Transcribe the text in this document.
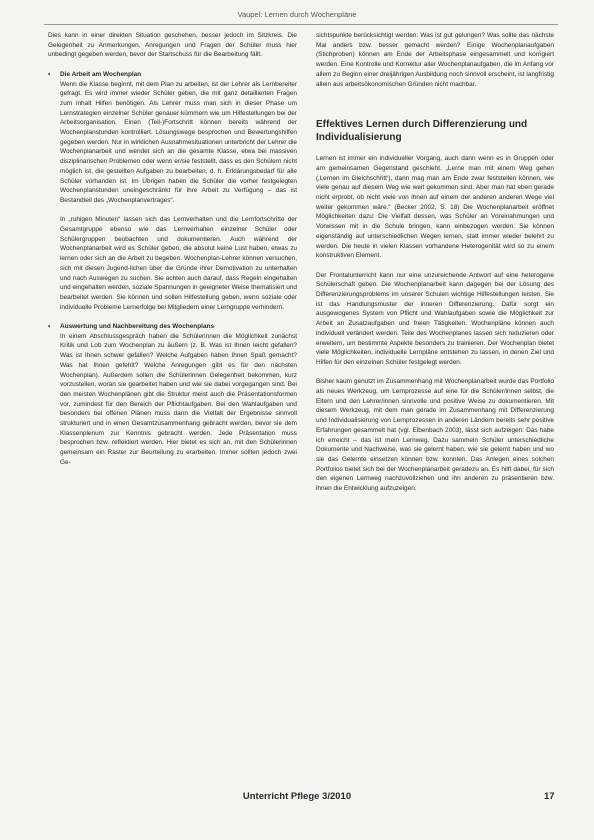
Vaupel: Lernen durch Wochenpläne

Dies kann in einer direkten Situation geschehen, besser jedoch im Sitzkreis. Die Gelegenheit zu Anmerkungen, Anregungen und Fragen der Schüler muss hier unbedingt gegeben werden, bevor der Startschuss für die Bearbeitung fällt.

• Die Arbeit am Wochenplan
Wenn die Klasse beginnt, mit dem Plan zu arbeiten, ist der Lehrer als Lernbereiter gefragt. Es wird immer wieder Schüler geben, die mit ganz detaillierten Fragen zum inhalt Hilfen benötigen. Als Lehrer muss man sich in dieser Phase um Lernstrategien einzelner Schüler genauer kümmern wie um Hilfestellungen bei der Arbeitsorganisation. Einen (Teil-)Fortschritt können bereits während der Wochenplanstunden kontrolliert. Lösungswege besprochen und Bewertungshilfen gegeben werden. Nur in wirklichen Ausnahmesituationen unterbricht der Lehrer die Wochenplanarbeit und wendet sich an die gesamte Klasse, etwa bei massiven disziplinarischen Problemen oder wenn er/sie feststellt, dass es den Schülern nicht möglich ist, die gestellten Aufgaben zu bearbeiten, d. h. Erklärungsbedarf für alle Schüler vorhanden ist. Im Übrigen haben die Schüler die vorher festgelegten Wochenplanstunden uneingeschränkt für ihre Arbeit zu Verfügung – das ist Bestandteil des „Wochenplanvertrages“.
In „ruhigen Minuten“ lassen sich das Lernverhalten und die Lernfortschritte der Gesamtgruppe ebenso wie das Lernverhalten einzelner Schüler oder Schülergruppen beobachten und dokumentieren. Auch während der Wochenplanarbeit wird es Schüler geben, die absolut keine Lust haben, etwas zu lernen oder sich an die Arbeit zu begeben. Wochenplan-Lehrer können versuchen, sich mit diesen Jugend-lichen über die Gründe ihrer Demotivation zu unterhalten und nach Auswegen zu suchen. Sie achten auch darauf, dass Regeln eingehalten und eingehalten werden, soziale Spannungen in geeigneter Weise thematisiert und bearbeitet werden. Sie können und sollen Hilfestellung geben, wenn soziale oder individuelle Probleme Lernerfolge bei Mitgliedern einer Lerngruppe verhindern.
• Auswertung und Nachbereitung des Wochenplans
In einem Abschlussgespräch haben die Schülerinnen die Möglichkeit zunächst Kritik und Lob zum Wochenplan zu äußern (z. B. Was ist Ihnen leicht gefallen? Was ist Ihnen schwer gefallen? Welche Aufgaben haben Ihnen Spaß gemacht? Was hat Ihnen gefehlt? Welche Anregungen gibt es für den nächsten Wochenplan). Außerdem sollen die Schülerinnen Gelegenheit bekommen, kurz vorzustellen, woran sie gearbeitet haben und wie sie dabei vorgegangen sind. Bei den meisten Wochenplänen gibt die Struktur meist auch die Präsentationsformen vor, zumindest für den Bereich der Pflichtaufgaben. Bei den Wahlaufgaben und besonders bei offenen Plänen muss dann die Vielfalt der Ergebnisse sinnvoll strukturiert und in einen Gesamtzusammenhang gebracht werden, bevor sie dem Klassenplenum zur Kenntnis gebracht werden. Jede Präsentation muss besprochen bzw. reflektiert werden. Hier bietet es sich an, mit den Schülerinnen gemeinsam ein Raster zur Beurteilung zu erarbeiten. Immer sollten jedoch zwei Ge-

sichtspunkte berücksichtigt werden: Was ist gut gelungen? Was sollte das nächste Mal anders bzw. besser gemacht werden? Einige Wochenplanaufgaben (Stichproben) können am Ende der Arbeitsphase eingesammelt und korrigiert werden. Eine Kontrolle und Korrektur aller Wochenplanaufgaben, die im Anfang vor allem zu Beginn einer dreijährigen Ausbildung noch sinnvoll erscheint, ist langfristig allein aus arbeitsökonomischen Gründen nicht machbar.

Effektives Lernen durch Differenzierung und Individualisierung

Lernen ist immer ein individueller Vorgang, auch dann wenn es in Gruppen oder am gemeinsamen Gegenstand geschieht. „Lerne man mit einem Weg gehen (‚Lernen im Gleichschritt‘), dann mag man am Ende zwar feststellen können, wie viele genau auf diesem Weg wie weit gekommen sind. Aber man hat eben gerade nicht erprobt, ob nicht viele von ihnen auf einem der anderen anderen Wege viel weiter gekommen wäre.“ (Becker 2002, S. 18) Die Wochenplanarbeit eröffnet Möglichkeiten dazu: Die Vielfalt dessen, was Schüler an Voreinahmungen und Vorwissen mit in die Schule bringen, kann einbezogen werden. Sie können eigenständig auf unterschiedlichen Wegen lernen, statt immer wieder belehrt zu werden. Die heute in vielen Klassen vorhandene Heterogenität wird so zu einem konstruktiven Element.

Der Frontalunterricht kann nur eine unzureichende Antwort auf eine heterogene Schülerschaft geben. Die Wochenplanarbeit kann dagegen bei der Lösung des Differenzierungsproblems im unserer Schulen wichtige Hilfestellungen leisten. Sie ist das Handlungsmuster der inneren Differenzierung. Dafür sorgt ein ausgewogenes System von Pflicht und Wahlaufgaben sowie die Möglichkeit zur Arbeit an Zusatzaufgaben und freien Tätigkeiten. Wochenpläne können auch individuell verändert werden. Teile des Wochenplanes lassen sich reduzieren oder erweitern, um bestimmte Aspekte besonders zu trainieren. Der Wochenplan bietet viele Möglichkeiten, individuelle Lernpläne entstehen zu lassen, in denen Ziel und Hilfen für den einzelnen Schüler festgelegt werden.

Bisher kaum genutzt im Zusammenhang mit Wochenplanarbeit wurde das Portfolio als neues Werkzeug, um Lernprozesse auf eine für die Schüler/innen selbst, die Eltern und den Lehrer/innen sinnvolle und positive Weise zu dokumentieren. Mit diesem Werkzeug, mit dem man gerade im Zusammenhang mit Differenzierung und Individualisierung von Lernprozessen in anderen Ländern bereits sehr positive Erfahrungen gesammelt hat (vgl. Elbenbach 2003), lässt sich aufzeigen: Das habe ich erreicht – das ist mein Lernweg. Dazu sammeln Schüler unterschiedliche Dokumente und Nachweise, was sie gelernt haben, wie sie gelernt haben und wo sie das Gelernte einsetzen können bzw. konnten. Das Anlegen eines solchen Portfolios bietet sich bei der Wochenplanarbeit geradezu an. Es hilft dabei, für sich den eigenen Lernweg nachzuvollziehen und ihn anderen zu präsentieren bzw. ihnen die Entwicklung aufzuzeigen.

Unterricht Pflege 3/2010	17
